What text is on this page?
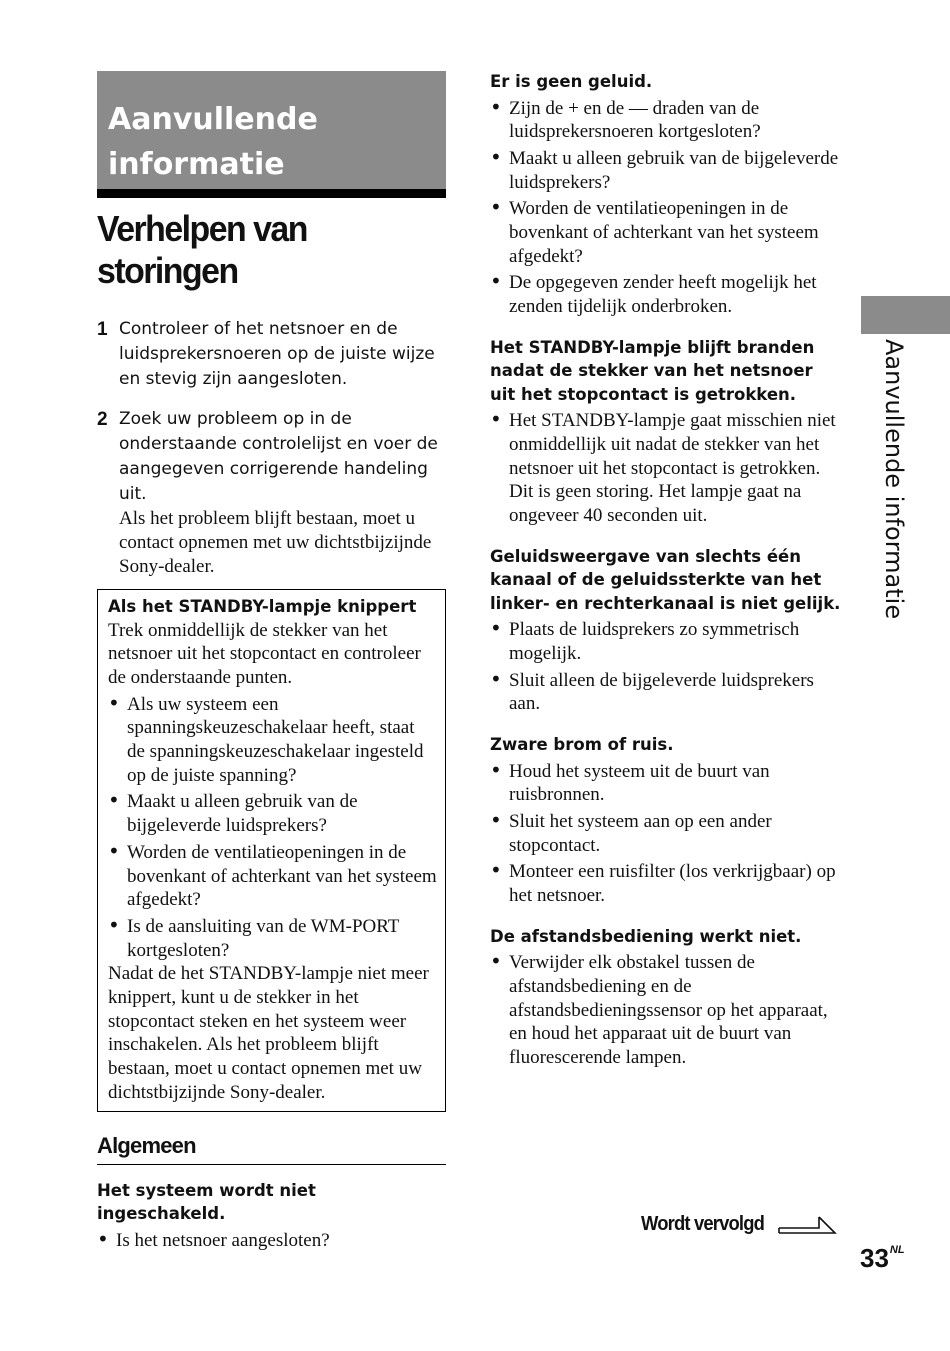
Aanvullende
informatie
Verhelpen van
storingen
1 Controleer of het netsnoer en de luidsprekersnoeren op de juiste wijze en stevig zijn aangesloten.
2 Zoek uw probleem op in de onderstaande controlelijst en voer de aangegeven corrigerende handeling uit.
Als het probleem blijft bestaan, moet u contact opnemen met uw dichtstbijzijnde Sony-dealer.
Als het STANDBY-lampje knippert
Trek onmiddellijk de stekker van het netsnoer uit het stopcontact en controleer de onderstaande punten.
• Als uw systeem een spanningskeuzeschakelaar heeft, staat de spanningskeuzeschakelaar ingesteld op de juiste spanning?
• Maakt u alleen gebruik van de bijgeleverde luidsprekers?
• Worden de ventilatieopeningen in de bovenkant of achterkant van het systeem afgedekt?
• Is de aansluiting van de WM-PORT kortgesloten?
Nadat de het STANDBY-lampje niet meer knippert, kunt u de stekker in het stopcontact steken en het systeem weer inschakelen. Als het probleem blijft bestaan, moet u contact opnemen met uw dichtstbijzijnde Sony-dealer.
Algemeen
Het systeem wordt niet ingeschakeld.
• Is het netsnoer aangesloten?
Er is geen geluid.
• Zijn de + en de — draden van de luidsprekersnoeren kortgesloten?
• Maakt u alleen gebruik van de bijgeleverde luidsprekers?
• Worden de ventilatieopeningen in de bovenkant of achterkant van het systeem afgedekt?
• De opgegeven zender heeft mogelijk het zenden tijdelijk onderbroken.
Het STANDBY-lampje blijft branden nadat de stekker van het netsnoer uit het stopcontact is getrokken.
• Het STANDBY-lampje gaat misschien niet onmiddellijk uit nadat de stekker van het netsnoer uit het stopcontact is getrokken. Dit is geen storing. Het lampje gaat na ongeveer 40 seconden uit.
Geluidsweergave van slechts één kanaal of de geluidssterkte van het linker- en rechterkanaal is niet gelijk.
• Plaats de luidsprekers zo symmetrisch mogelijk.
• Sluit alleen de bijgeleverde luidsprekers aan.
Zware brom of ruis.
• Houd het systeem uit de buurt van ruisbronnen.
• Sluit het systeem aan op een ander stopcontact.
• Monteer een ruisfilter (los verkrijgbaar) op het netsnoer.
De afstandsbediening werkt niet.
• Verwijder elk obstakel tussen de afstandsbediening en de afstandsbedieningssensor op het apparaat, en houd het apparaat uit de buurt van fluorescerende lampen.
Aanvullende informatie
Wordt vervolgd
$33^{NL}$
